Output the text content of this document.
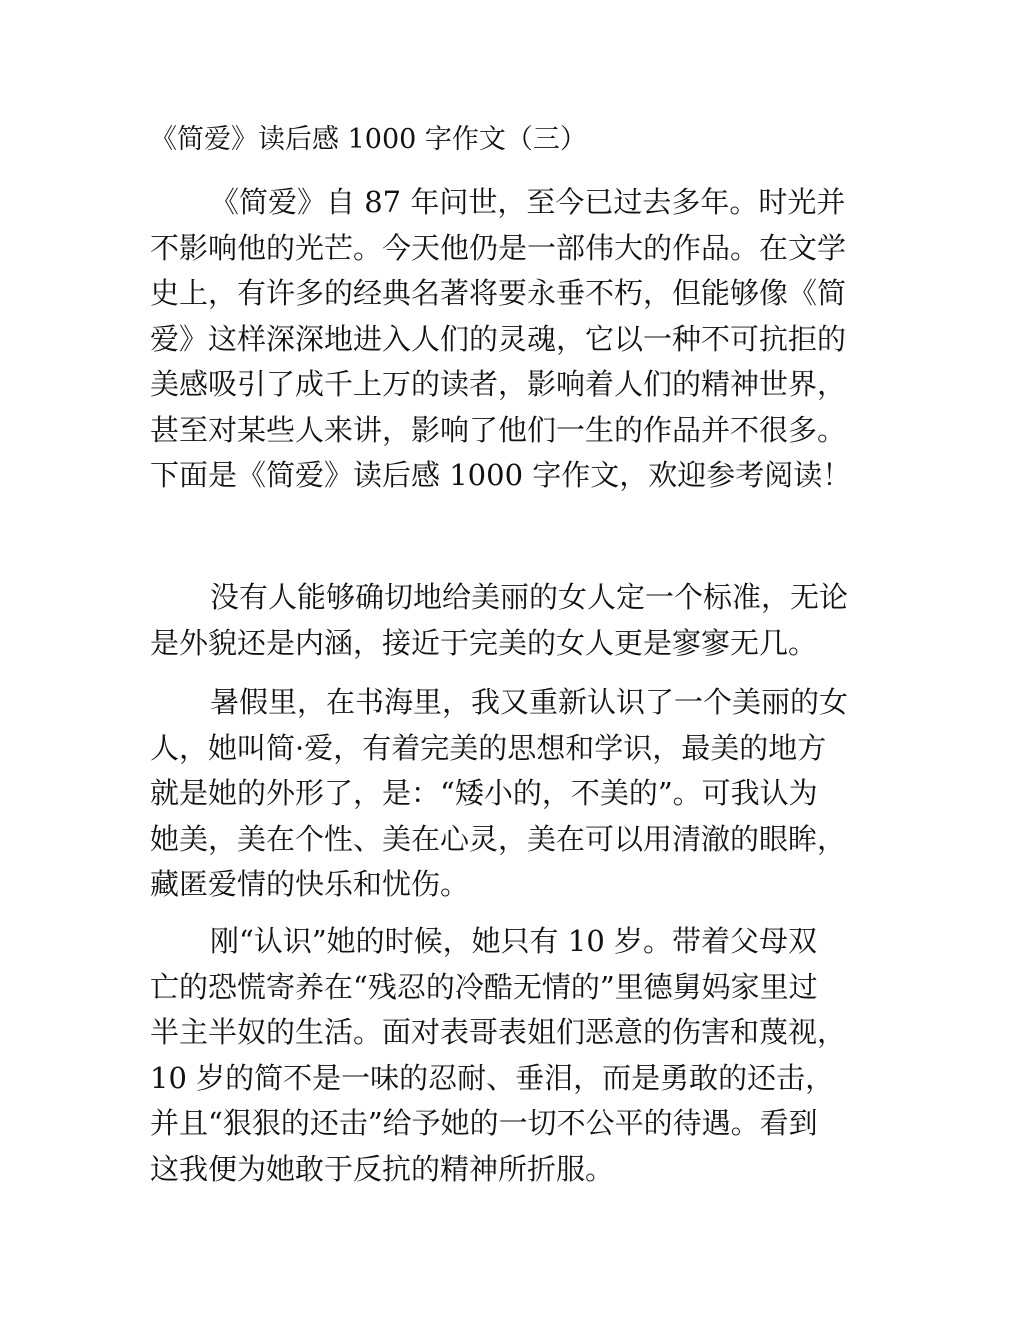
《简爱》读后感 1000 字作文（三）
《简爱》自 87 年问世，至今已过去多年。时光并
不影响他的光芒。今天他仍是一部伟大的作品。在文学
史上，有许多的经典名著将要永垂不朽，但能够像《简
爱》这样深深地进入人们的灵魂，它以一种不可抗拒的
美感吸引了成千上万的读者，影响着人们的精神世界，
甚至对某些人来讲，影响了他们一生的作品并不很多。
下面是《简爱》读后感 1000 字作文，欢迎参考阅读！
没有人能够确切地给美丽的女人定一个标准，无论
是外貌还是内涵，接近于完美的女人更是寥寥无几。
暑假里，在书海里，我又重新认识了一个美丽的女
人，她叫简·爱，有着完美的思想和学识，最美的地方
就是她的外形了，是：“矮小的，不美的”。可我认为
她美，美在个性、美在心灵，美在可以用清澈的眼眸，
藏匿爱情的快乐和忧伤。
刚“认识”她的时候，她只有 10 岁。带着父母双
亡的恐慌寄养在“残忍的冷酷无情的”里德舅妈家里过
半主半奴的生活。面对表哥表姐们恶意的伤害和蔑视，
10 岁的简不是一味的忍耐、垂泪，而是勇敢的还击，
并且“狠狠的还击”给予她的一切不公平的待遇。看到
这我便为她敢于反抗的精神所折服。
